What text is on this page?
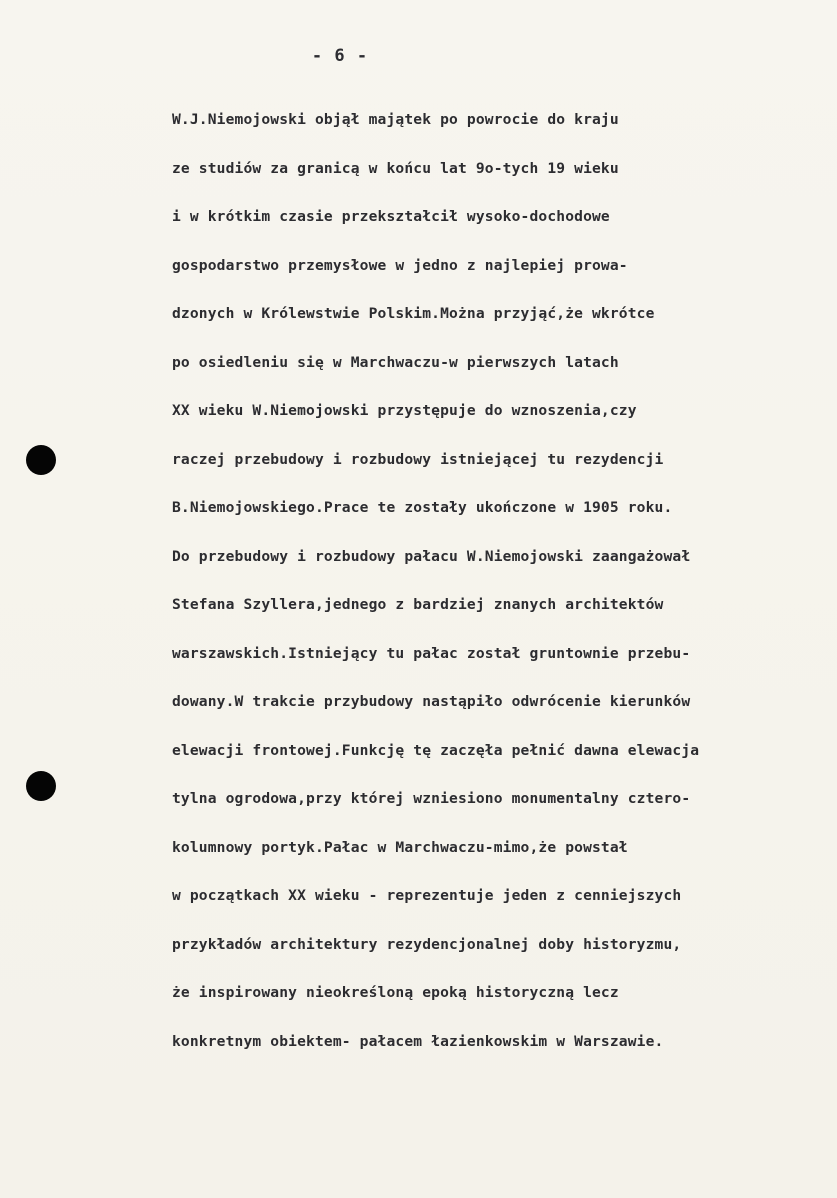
- 6 -
W.J.Niemojowski objął majątek po powrocie do kraju
ze studiów za granicą w końcu lat 9o-tych 19 wieku
i w krótkim czasie przekształcił wysoko-dochodowe
gospodarstwo przemysłowe w jedno z najlepiej prowa-
dzonych w Królewstwie Polskim.Można przyjąć,że wkrótce
po osiedleniu się w Marchwaczu-w pierwszych latach
XX wieku W.Niemojowski przystępuje do wznoszenia,czy
raczej przebudowy i rozbudowy istniejącej tu rezydencji
B.Niemojowskiego.Prace te zostały ukończone w 1905 roku.
Do przebudowy i rozbudowy pałacu W.Niemojowski zaangażował
Stefana Szyllera,jednego z bardziej znanych architektów
warszawskich.Istniejący tu pałac został gruntownie przebu-
dowany.W trakcie przybudowy nastąpiło odwrócenie kierunków
elewacji frontowej.Funkcję tę zaczęła pełnić dawna elewacja
tylna ogrodowa,przy której wzniesiono monumentalny cztero-
kolumnowy portyk.Pałac w Marchwaczu-mimo,że powstał
w początkach XX wieku - reprezentuje jeden z cenniejszych
przykładów architektury rezydencjonalnej doby historyzmu,
że inspirowany nieokreśloną epoką historyczną lecz
konkretnym obiektem- pałacem łazienkowskim w Warszawie.
